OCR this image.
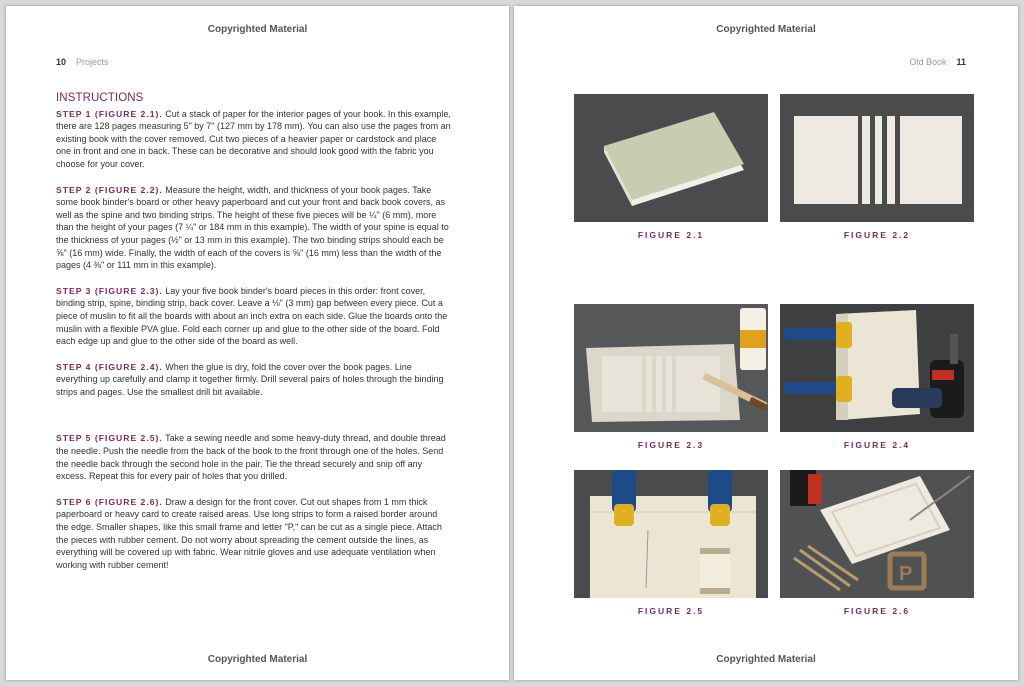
Copyrighted Material
10 Projects
INSTRUCTIONS

STEP 1 (FIGURE 2.1). Cut a stack of paper for the interior pages of your book. In this example, there are 128 pages measuring 5" by 7" (127 mm by 178 mm). You can also use the pages from an existing book with the cover removed. Cut two pieces of a heavier paper or cardstock and place one in front and one in back. These can be decorative and should look good with the fabric you choose for your cover.

STEP 2 (FIGURE 2.2). Measure the height, width, and thickness of your book pages. Take some book binder's board or other heavy paperboard and cut your front and back book covers, as well as the spine and two binding strips. The height of these five pieces will be ¼" (6 mm), more than the height of your pages (7 ¼" or 184 mm in this example). The width of your spine is equal to the thickness of your pages (½" or 13 mm in this example). The two binding strips should each be ⅝" (16 mm) wide. Finally, the width of each of the covers is ⅝" (16 mm) less than the width of the pages (4 ⅜" or 111 mm in this example).

STEP 3 (FIGURE 2.3). Lay your five book binder's board pieces in this order: front cover, binding strip, spine, binding strip, back cover. Leave a ⅛" (3 mm) gap between every piece. Cut a piece of muslin to fit all the boards with about an inch extra on each side. Glue the boards onto the muslin with a flexible PVA glue. Fold each corner up and glue to the other side of the board. Fold each edge up and glue to the other side of the board as well.

STEP 4 (FIGURE 2.4). When the glue is dry, fold the cover over the book pages. Line everything up carefully and clamp it together firmly. Drill several pairs of holes through the binding strips and pages. Use the smallest drill bit available.

STEP 5 (FIGURE 2.5). Take a sewing needle and some heavy-duty thread, and double thread the needle. Push the needle from the back of the book to the front through one of the holes. Send the needle back through the second hole in the pair. Tie the thread securely and snip off any excess. Repeat this for every pair of holes that you drilled.

STEP 6 (FIGURE 2.6). Draw a design for the front cover. Cut out shapes from 1 mm thick paperboard or heavy card to create raised areas. Use long strips to form a raised border around the edge. Smaller shapes, like this small frame and letter "P," can be cut as a single piece. Attach the pieces with rubber cement. Do not worry about spreading the cement outside the lines, as everything will be covered up with fabric. Wear nitrile gloves and use adequate ventilation when working with rubber cement!

Copyrighted Material
Copyrighted Material
Old Book 11
FIGURE 2.1	FIGURE 2.2
FIGURE 2.3	FIGURE 2.4
FIGURE 2.5
P
FIGURE 2.6
Copyrighted Material
